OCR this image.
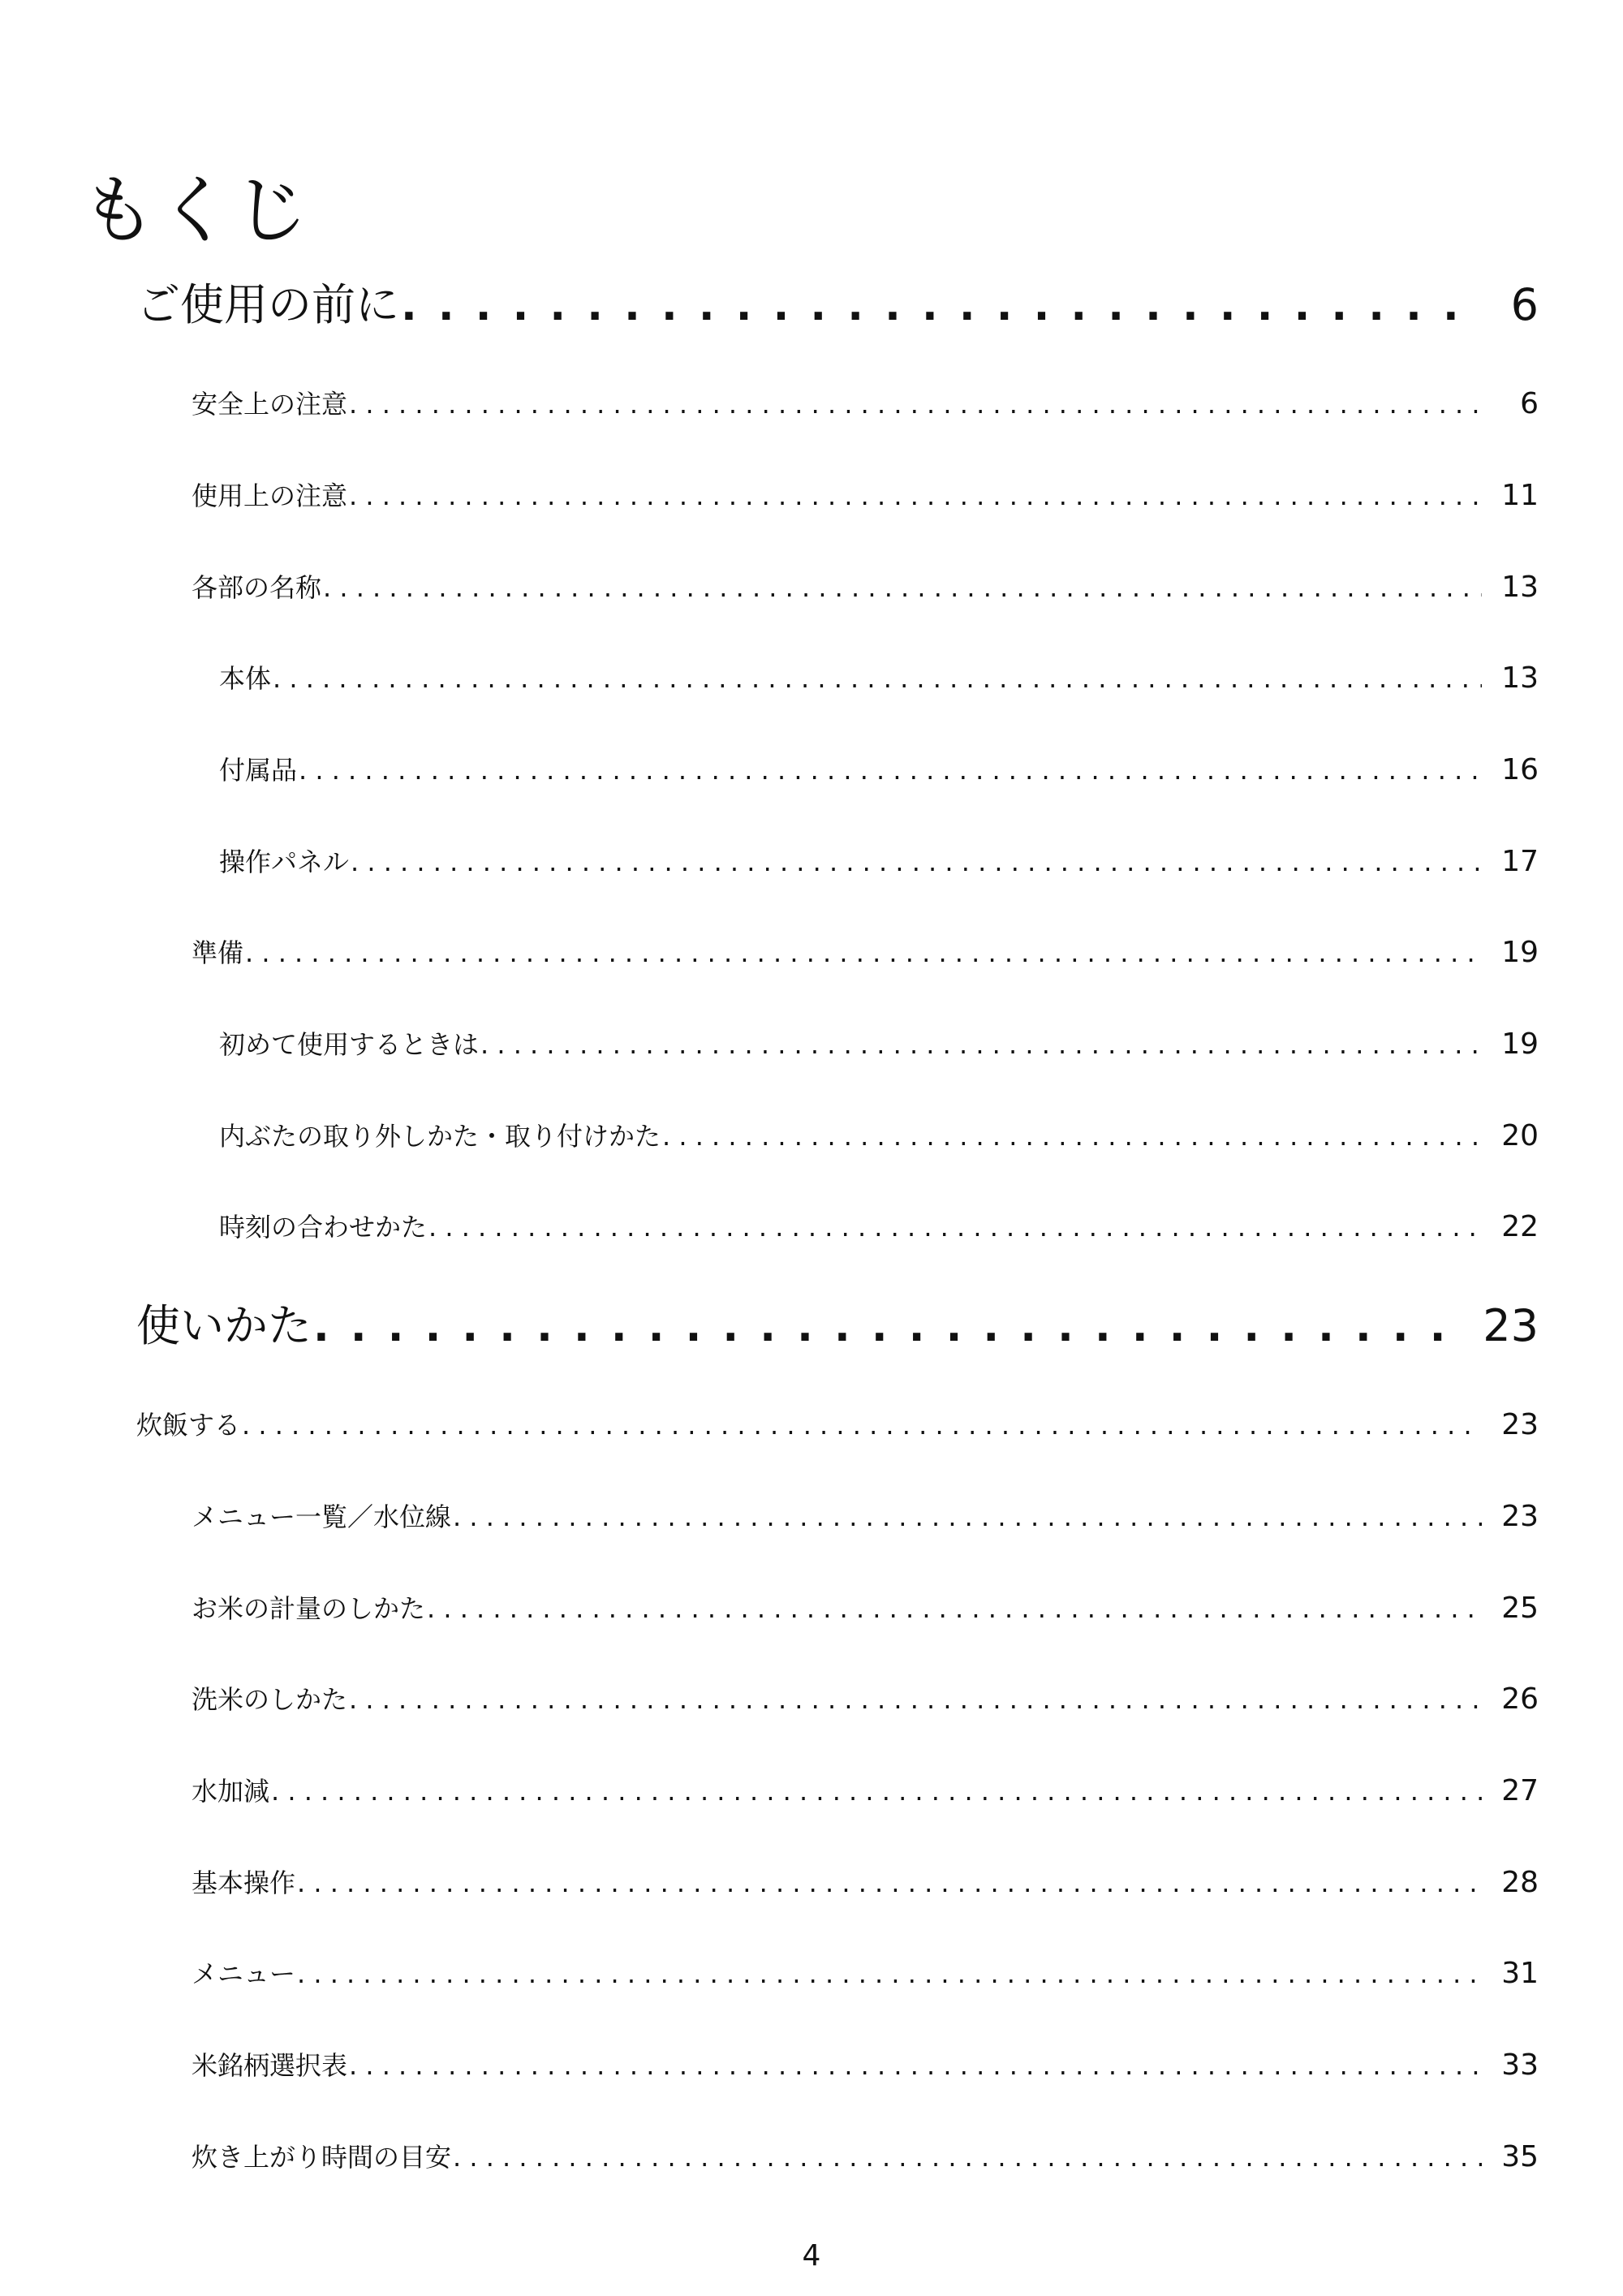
もくじ
ご使用の前に . . .	6
安全上の注意 . . .	6
使用上の注意 . . .	11
各部の名称 . . .	13
本体 . . .	13
付属品 . . .	16
操作パネル . . .	17
準備 . . .	19
初めて使用するときは . . .	19
内ぶたの取り外しかた・取り付けかた . . .	20
時刻の合わせかた . . .	22
使いかた . . .	23
炊飯する . . .	23
メニュー一覧／水位線 . . .	23
お米の計量のしかた . . .	25
洗米のしかた . . .	26
水加減 . . .	27
基本操作 . . .	28
メニュー . . .	31
米銘柄選択表 . . .	33
炊き上がり時間の目安 . . .	35
4
